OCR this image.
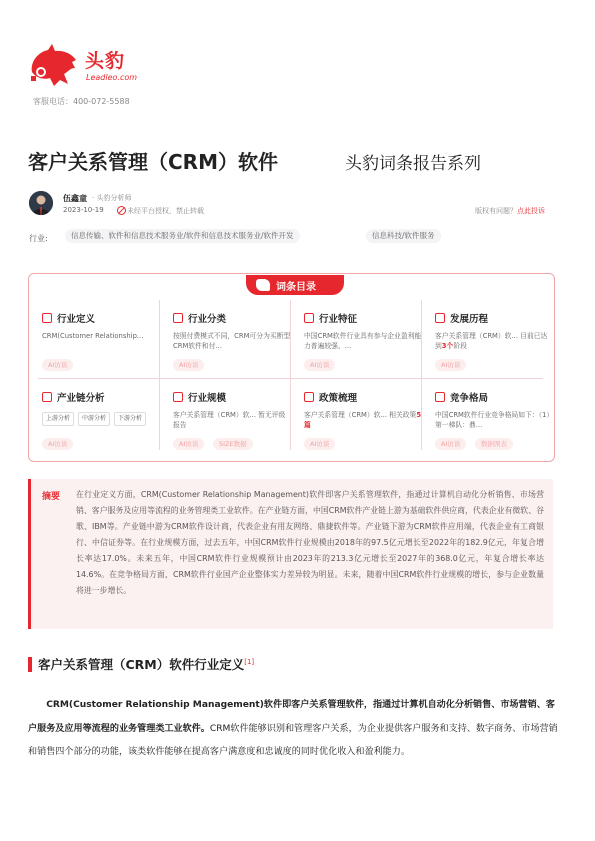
头豹
Leadleo.com
客服电话：400-072-5588
客户关系管理（CRM）软件	头豹词条报告系列
伍鑫童 · 头豹分析师
2023-10-19	未经平台授权，禁止转载	版权有问题？点此投诉
行业:	信息传输、软件和信息技术服务业/软件和信息技术服务业/软件开发	信息科技/软件服务
词条目录
行业定义
CRM(Customer Relationship...
AI访谈
行业分类
按照付费模式不同，CRM可分为买断型CRM软件和付...
AI访谈
行业特征
中国CRM软件行业具有参与企业盈利能力普遍较强、...
AI访谈
发展历程
客户关系管理（CRM）软... 目前已达到3个阶段
AI访谈
产业链分析
上游分析	中游分析	下游分析
AI访谈
行业规模
客户关系管理（CRM）软... 暂无评级报告
AI访谈	SIZE数据
政策梳理
客户关系管理（CRM）软... 相关政策5篇
AI访谈
竞争格局
中国CRM软件行业竞争格局如下：（1）第一梯队：鼎...
AI访谈	数据图表
摘要 在行业定义方面，CRM(Customer Relationship Management)软件即客户关系管理软件，指通过计算机自动化分析销售、市场营销、客户服务及应用等流程的业务管理类工业软件。在产业链方面，中国CRM软件产业链上游为基础软件供应商，代表企业有微软、谷歌、IBM等。产业链中游为CRM软件设计商，代表企业有用友网络、鼎捷软件等。产业链下游为CRM软件应用端，代表企业有工商银行、中信证券等。在行业规模方面，过去五年，中国CRM软件行业规模由2018年的97.5亿元增长至2022年的182.9亿元，年复合增长率达17.0%。未来五年，中国CRM软件行业规模预计由2023年的213.3亿元增长至2027年的368.0亿元，年复合增长率达14.6%。在竞争格局方面，CRM软件行业国产企业整体实力差异较为明显。未来，随着中国CRM软件行业规模的增长，参与企业数量将进一步增长。
客户关系管理（CRM）软件行业定义[1]
CRM(Customer Relationship Management)软件即客户关系管理软件，指通过计算机自动化分析销售、市场营销、客户服务及应用等流程的业务管理类工业软件。CRM软件能够识别和管理客户关系，为企业提供客户服务和支持、数字商务、市场营销和销售四个部分的功能，该类软件能够在提高客户满意度和忠诚度的同时优化收入和盈利能力。
